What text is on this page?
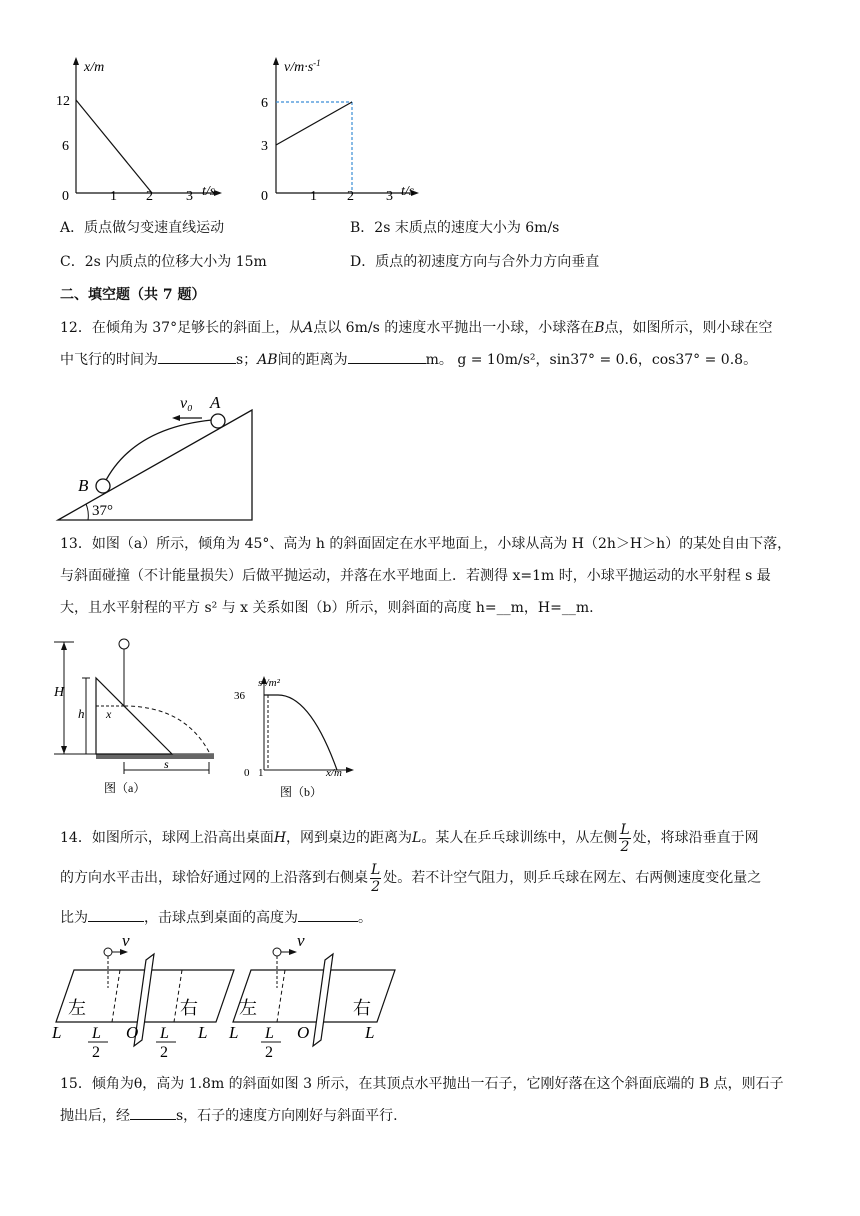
x/m
12
6
0	1 2 3 t/s
$v/m\cdot s^{-1}$
6
3
0	1 2 3 t/s
A．质点做匀变速直线运动	B．2s 末质点的速度大小为 6m/s
C．2s 内质点的位移大小为 15m	D．质点的初速度方向与合外力方向垂直
二、填空题（共 7 题）
12．在倾角为 37°足够长的斜面上，从A点以 6m/s 的速度水平抛出一小球，小球落在B点，如图所示，则小球在空
中飞行的时间为	s；AB间的距离为	m。 g = 10m/s²，sin37° = 0.6，cos37° = 0.8。
v₀ A
B
37°
13．如图（a）所示，倾角为 45°、高为 h 的斜面固定在水平地面上，小球从高为 H（2h＞H＞h）的某处自由下落，
与斜面碰撞（不计能量损失）后做平抛运动，并落在水平地面上．若测得 x=1m 时，小球平抛运动的水平射程 s 最
大，且水平射程的平方 s² 与 x 关系如图（b）所示，则斜面的高度 h=__m，H=__m.
H
h x
s
图（a）
s²/m²
36
0 1	x/m
图（b）
14．如图所示，球网上沿高出桌面H，网到桌边的距离为L。某人在乒乓球训练中，从左侧 $\frac{L}{2}$ 处，将球沿垂直于网
的方向水平击出，球恰好通过网的上沿落到右侧桌 $\frac{L}{2}$ 处。若不计空气阻力，则乒乓球在网左、右两侧速度变化量之
比为	，击球点到桌面的高度为	。
v
左	右
L L
2
O L
2
L
v
左	右
L L
2
O	L
15．倾角为θ，高为 1.8m 的斜面如图 3 所示，在其顶点水平抛出一石子，它刚好落在这个斜面底端的 B 点，则石子
抛出后，经	s，石子的速度方向刚好与斜面平行.
